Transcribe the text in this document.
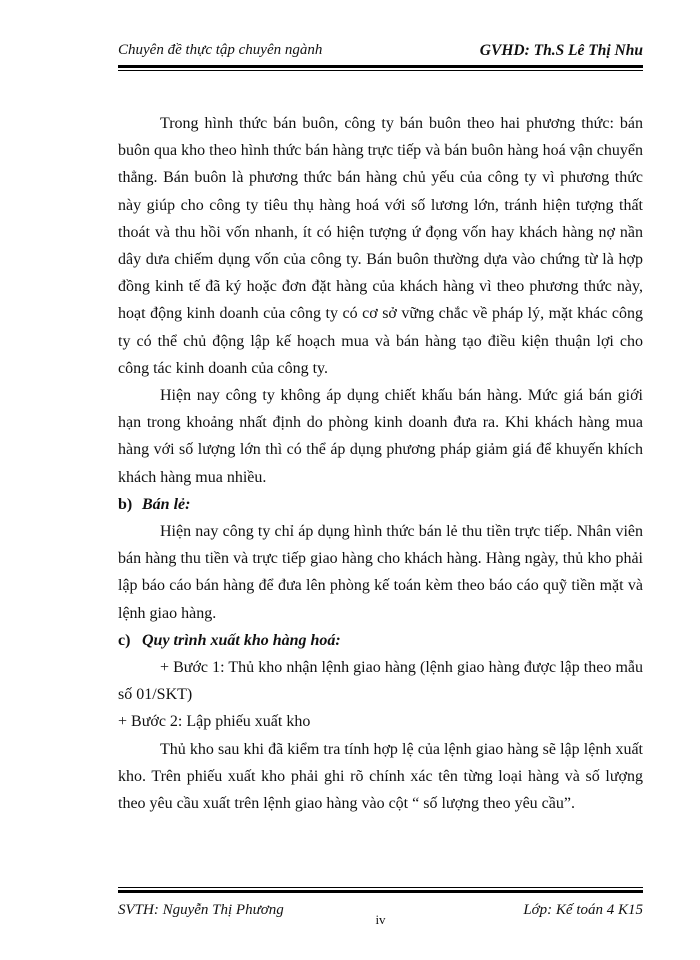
Chuyên đề thực tập chuyên ngành	GVHD: Th.S Lê Thị Nhu

Trong hình thức bán buôn, công ty bán buôn theo hai phương thức: bán buôn qua kho theo hình thức bán hàng trực tiếp và bán buôn hàng hoá vận chuyển thẳng. Bán buôn là phương thức bán hàng chủ yếu của công ty vì phương thức này giúp cho công ty tiêu thụ hàng hoá với số lương lớn, tránh hiện tượng thất thoát và thu hồi vốn nhanh, ít có hiện tượng ứ đọng vốn hay khách hàng nợ nần dây dưa chiếm dụng vốn của công ty. Bán buôn thường dựa vào chứng từ là hợp đồng kinh tế đã ký hoặc đơn đặt hàng của khách hàng vì theo phương thức này, hoạt động kinh doanh của công ty có cơ sở vững chắc về pháp lý, mặt khác công ty có thể chủ động lập kế hoạch mua và bán hàng tạo điều kiện thuận lợi cho công tác kinh doanh của công ty.

Hiện nay công ty không áp dụng chiết khấu bán hàng. Mức giá bán giới hạn trong khoảng nhất định do phòng kinh doanh đưa ra. Khi khách hàng mua hàng với số lượng lớn thì có thể áp dụng phương pháp giảm giá để khuyến khích khách hàng mua nhiều.

b) Bán lẻ:

Hiện nay công ty chỉ áp dụng hình thức bán lẻ thu tiền trực tiếp. Nhân viên bán hàng thu tiền và trực tiếp giao hàng cho khách hàng. Hàng ngày, thủ kho phải lập báo cáo bán hàng để đưa lên phòng kế toán kèm theo báo cáo quỹ tiền mặt và lệnh giao hàng.

c) Quy trình xuất kho hàng hoá:

+ Bước 1: Thủ kho nhận lệnh giao hàng (lệnh giao hàng được lập theo mẫu số 01/SKT)

+ Bước 2: Lập phiếu xuất kho

Thủ kho sau khi đã kiểm tra tính hợp lệ của lệnh giao hàng sẽ lập lệnh xuất kho. Trên phiếu xuất kho phải ghi rõ chính xác tên từng loại hàng và số lượng theo yêu cầu xuất trên lệnh giao hàng vào cột “ số lượng theo yêu cầu”.

SVTH: Nguyễn Thị Phương
iv
Lớp: Kế toán 4 K15
